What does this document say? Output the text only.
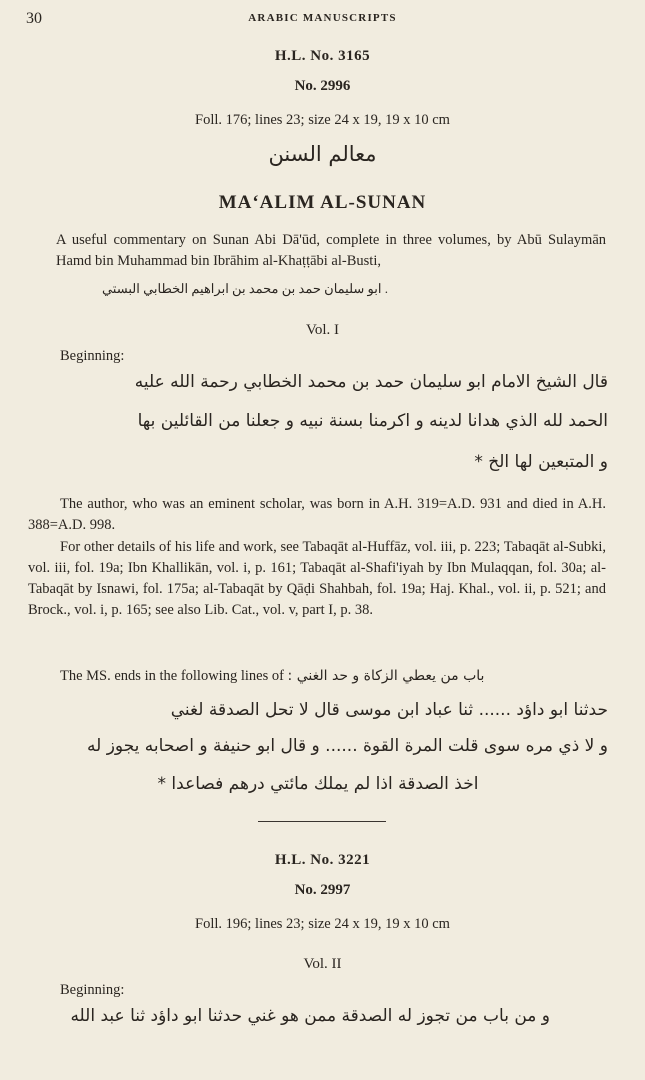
30	ARABIC MANUSCRIPTS
H.L. No. 3165
No. 2996
Foll. 176; lines 23; size 24 x 19, 19 x 10 cm
معالم السنن
MA‘ALIM AL-SUNAN
A useful commentary on Sunan Abi Dā'ūd, complete in three volumes, by Abū Sulaymān Hamd bin Muhammad bin Ibrāhim al-Khaṭṭābi al-Busti,
ابو سليمان حمد بن محمد بن ابراهيم الخطابي البستي .
Vol. I
Beginning:
قال الشيخ الامام ابو سليمان حمد بن محمد الخطابي رحمة الله عليه
الحمد لله الذي هدانا لدينه و اكرمنا بسنة نبيه و جعلنا من القائلين بها
و المتبعين لها الخ *
The author, who was an eminent scholar, was born in A.H. 319=A.D. 931 and died in A.H. 388=A.D. 998.
For other details of his life and work, see Tabaqāt al-Huffāz, vol. iii, p. 223; Tabaqāt al-Subki, vol. iii, fol. 19a; Ibn Khallikān, vol. i, p. 161; Tabaqāt al-Shafi'iyah by Ibn Mulaqqan, fol. 30a; al-Tabaqāt by Isnawi, fol. 175a; al-Tabaqāt by Qāḍi Shahbah, fol. 19a; Haj. Khal., vol. ii, p. 521; and Brock., vol. i, p. 165; see also Lib. Cat., vol. v, part I, p. 38.
The MS. ends in the following lines of باب من يعطي الزكاة و حد الغني :
حدثنا ابو داؤد ...... ثنا عباد ابن موسى قال لا تحل الصدقة لغني
و لا ذي مره سوى قلت المرة القوة ...... و قال ابو حنيفة و اصحابه يجوز له
اخذ الصدقة اذا لم يملك مائتي درهم فصاعدا *
H.L. No. 3221
No. 2997
Foll. 196; lines 23; size 24 x 19, 19 x 10 cm
Vol. II
Beginning:
و من باب من تجوز له الصدقة ممن هو غني حدثنا ابو داؤد ثنا عبد الله
